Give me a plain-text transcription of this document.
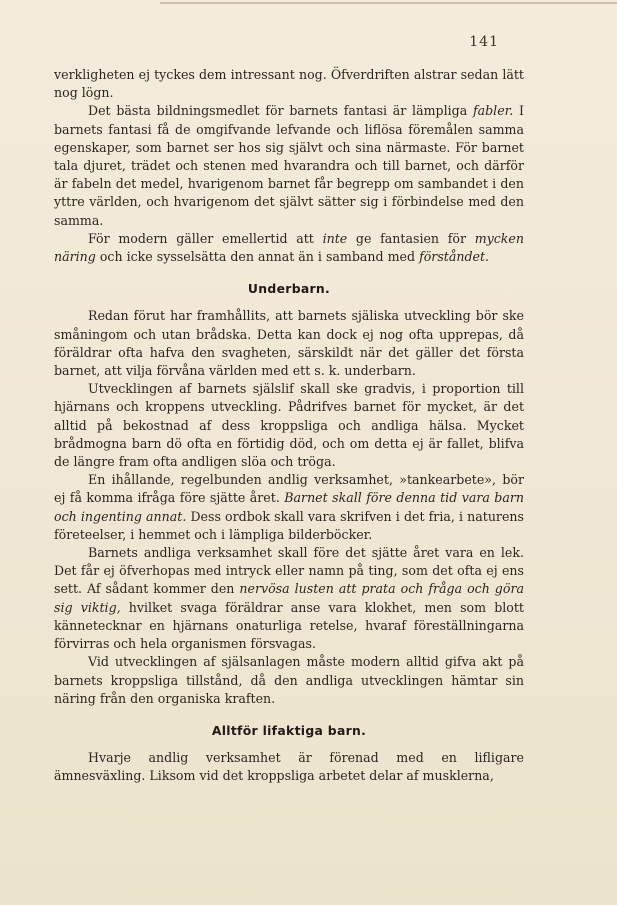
141

verkligheten ej tyckes dem intressant nog. Öfverdriften alstrar sedan lätt nog lögn.

Det bästa bildningsmedlet för barnets fantasi är lämpliga fabler. I barnets fantasi få de omgifvande lefvande och liflösa föremålen samma egenskaper, som barnet ser hos sig självt och sina närmaste. För barnet tala djuret, trädet och stenen med hvarandra och till barnet, och därför är fabeln det medel, hvarigenom barnet får begrepp om sambandet i den yttre världen, och hvarigenom det självt sätter sig i förbindelse med den samma.

För modern gäller emellertid att inte ge fantasien för mycken näring och icke sysselsätta den annat än i samband med förståndet.

Underbarn.

Redan förut har framhållits, att barnets själiska utveckling bör ske småningom och utan brådska. Detta kan dock ej nog ofta upprepas, då föräldrar ofta hafva den svagheten, särskildt när det gäller det första barnet, att vilja förvåna världen med ett s. k. underbarn.

Utvecklingen af barnets själslif skall ske gradvis, i proportion till hjärnans och kroppens utveckling. Pådrifves barnet för mycket, är det alltid på bekostnad af dess kroppsliga och andliga hälsa. Mycket brådmogna barn dö ofta en förtidig död, och om detta ej är fallet, blifva de längre fram ofta andligen slöa och tröga.

En ihållande, regelbunden andlig verksamhet, »tankearbete», bör ej få komma ifråga före sjätte året. Barnet skall före denna tid vara barn och ingenting annat. Dess ordbok skall vara skrifven i det fria, i naturens företeelser, i hemmet och i lämpliga bilderböcker.

Barnets andliga verksamhet skall före det sjätte året vara en lek. Det får ej öfverhopas med intryck eller namn på ting, som det ofta ej ens sett. Af sådant kommer den nervösa lusten att prata och fråga och göra sig viktig, hvilket svaga föräldrar anse vara klokhet, men som blott kännetecknar en hjärnans onaturliga retelse, hvaraf föreställningarna förvirras och hela organismen försvagas.

Vid utvecklingen af själsanlagen måste modern alltid gifva akt på barnets kroppsliga tillstånd, då den andliga utvecklingen hämtar sin näring från den organiska kraften.

Alltför lifaktiga barn.

Hvarje andlig verksamhet är förenad med en lifligare ämnesväxling. Liksom vid det kroppsliga arbetet delar af musklerna,
